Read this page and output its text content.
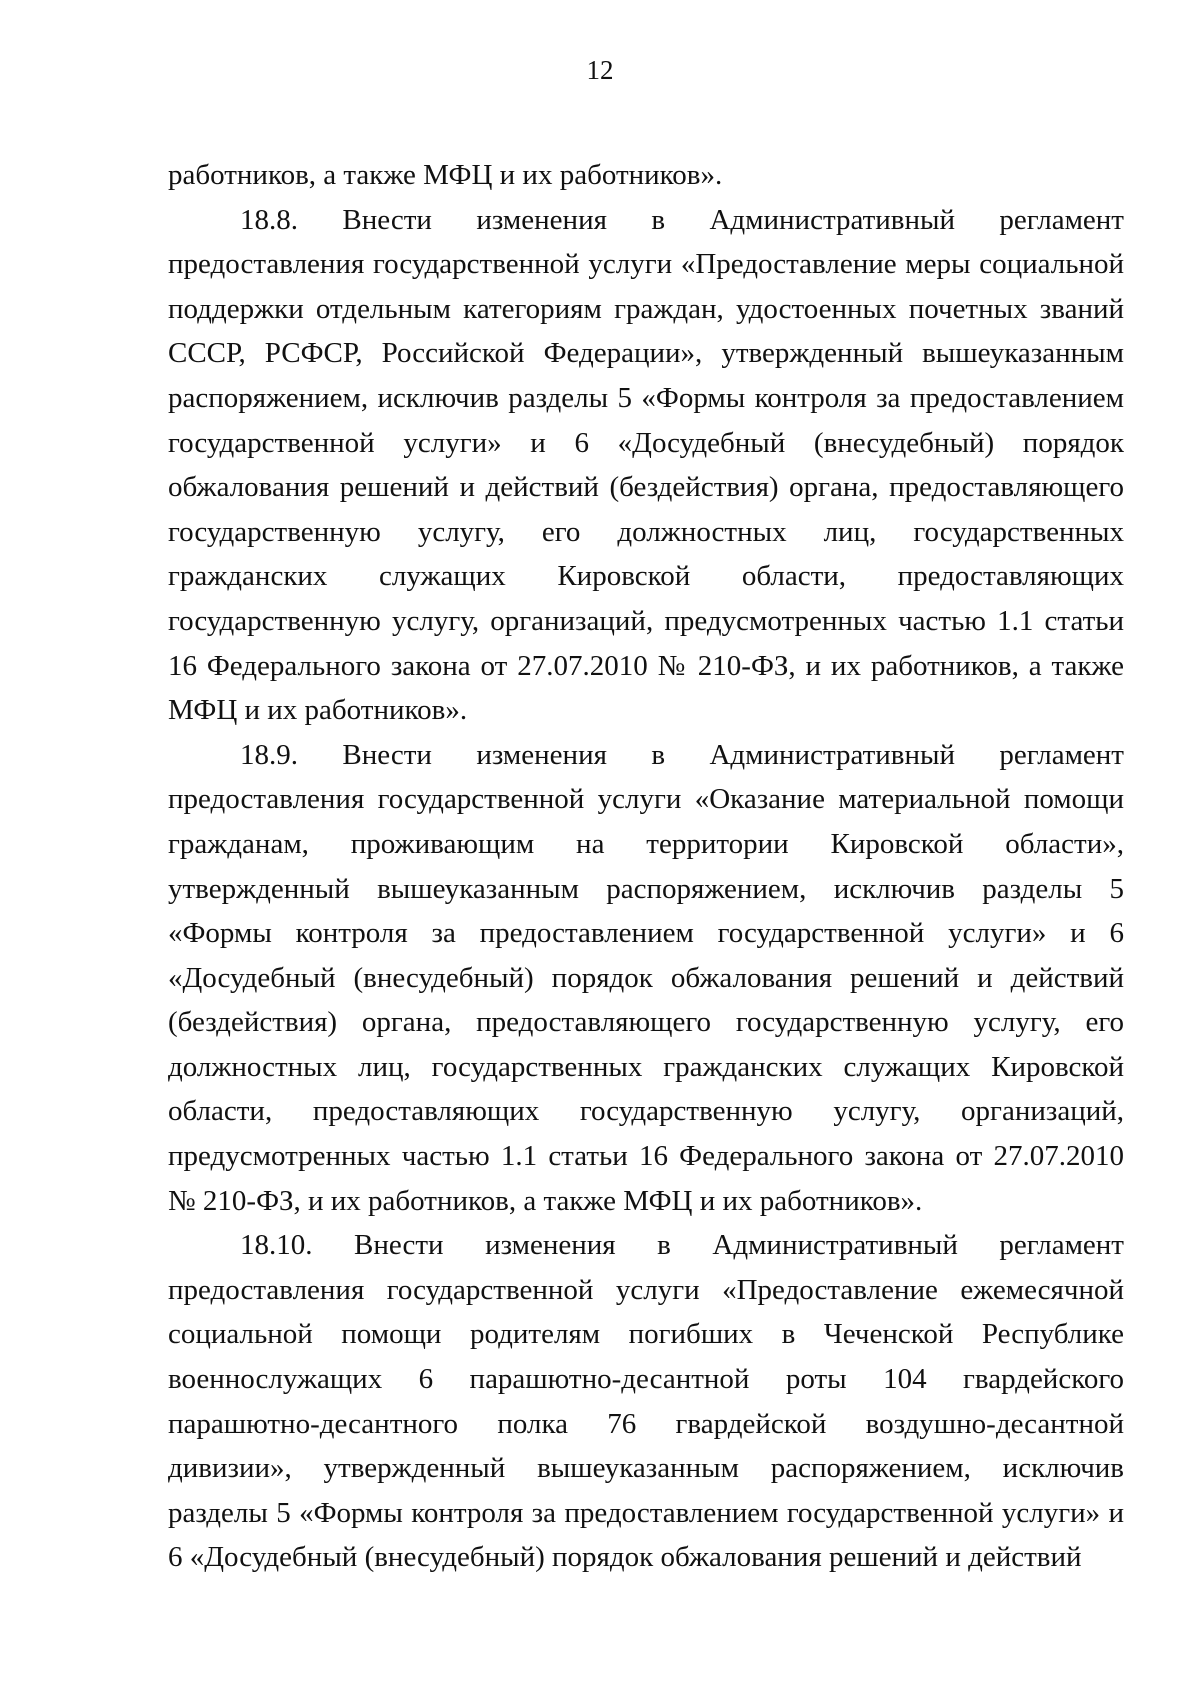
12

работников, а также МФЦ и их работников».

18.8. Внести изменения в Административный регламент предоставления государственной услуги «Предоставление меры социальной поддержки отдельным категориям граждан, удостоенных почетных званий СССР, РСФСР, Российской Федерации», утвержденный вышеуказанным распоряжением, исключив разделы 5 «Формы контроля за предоставлением государственной услуги» и 6 «Досудебный (внесудебный) порядок обжалования решений и действий (бездействия) органа, предоставляющего государственную услугу, его должностных лиц, государственных гражданских служащих Кировской области, предоставляющих государственную услугу, организаций, предусмотренных частью 1.1 статьи 16 Федерального закона от 27.07.2010 № 210-ФЗ, и их работников, а также МФЦ и их работников».

18.9. Внести изменения в Административный регламент предоставления государственной услуги «Оказание материальной помощи гражданам, проживающим на территории Кировской области», утвержденный вышеуказанным распоряжением, исключив разделы 5 «Формы контроля за предоставлением государственной услуги» и 6 «Досудебный (внесудебный) порядок обжалования решений и действий (бездействия) органа, предоставляющего государственную услугу, его должностных лиц, государственных гражданских служащих Кировской области, предоставляющих государственную услугу, организаций, предусмотренных частью 1.1 статьи 16 Федерального закона от 27.07.2010 № 210-ФЗ, и их работников, а также МФЦ и их работников».

18.10. Внести изменения в Административный регламент предоставления государственной услуги «Предоставление ежемесячной социальной помощи родителям погибших в Чеченской Республике военнослужащих 6 парашютно-десантной роты 104 гвардейского парашютно-десантного полка 76 гвардейской воздушно-десантной дивизии», утвержденный вышеуказанным распоряжением, исключив разделы 5 «Формы контроля за предоставлением государственной услуги» и 6 «Досудебный (внесудебный) порядок обжалования решений и действий
